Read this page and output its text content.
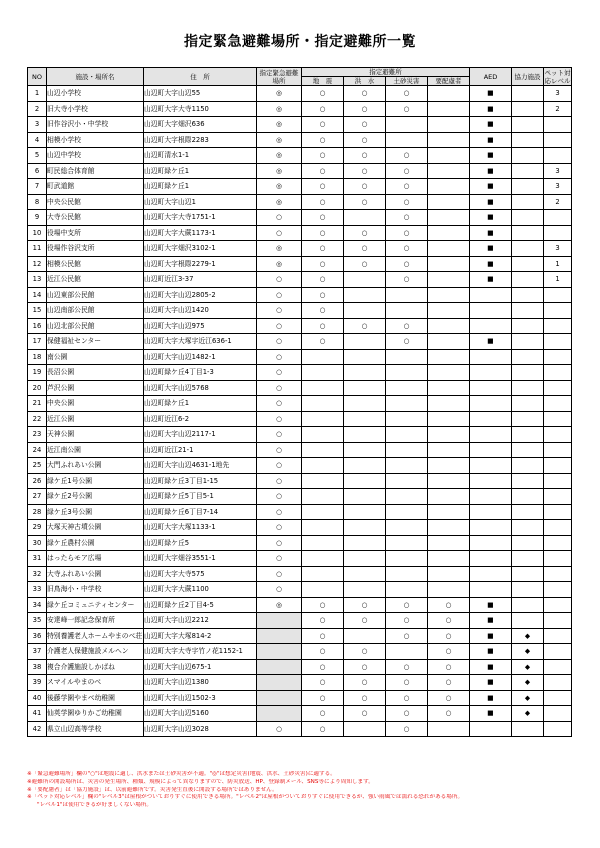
指定緊急避難場所・指定避難所一覧
NO	施設・場所名	住　所	指定緊急避難場所	指定避難所				AED	協力施設	ペット対応レベル
				地　震	洪　水	土砂災害	要配慮者			
1	山辺小学校	山辺町大字山辺55	◎	○	○	○		■		3
2	旧大寺小学校	山辺町大字大寺1150	◎	○	○	○		■		2
3	旧作谷沢小・中学校	山辺町大字畑沢636	◎	○	○			■		
4	相模小学校	山辺町大字根際2283	◎	○	○			■		
5	山辺中学校	山辺町清水1-1	◎	○	○	○		■		
6	町民総合体育館	山辺町緑ケ丘1	◎	○	○	○		■		3
7	町武道館	山辺町緑ケ丘1	◎	○	○	○		■		3
8	中央公民館	山辺町大字山辺1	◎	○	○	○		■		2
9	大寺公民館	山辺町大字大寺1751-1	○	○		○		■		
10	役場中支所	山辺町大字大蕨1173-1	○	○	○	○		■		
11	役場作谷沢支所	山辺町大字畑沢3102-1	◎	○	○	○		■		3
12	相模公民館	山辺町大字根際2279-1	◎	○	○	○		■		1
13	近江公民館	山辺町近江3-37	○	○		○		■		1
14	山辺東部公民館	山辺町大字山辺2805-2	○	○						
15	山辺南部公民館	山辺町大字山辺1420	○	○						
16	山辺北部公民館	山辺町大字山辺975	○	○	○	○				
17	保健福祉センター	山辺町大字大塚字近江636-1	○	○		○		■		
18	南公園	山辺町大字山辺1482-1	○							
19	長沼公園	山辺町緑ケ丘4丁目1-3	○							
20	芦沢公園	山辺町大字山辺5768	○							
21	中央公園	山辺町緑ケ丘1	○							
22	近江公園	山辺町近江6-2	○							
23	天神公園	山辺町大字山辺2117-1	○							
24	近江南公園	山辺町近江21-1	○							
25	大門ふれあい公園	山辺町大字山辺4631-1地先	○							
26	緑ケ丘1号公園	山辺町緑ケ丘3丁目1-15	○							
27	緑ケ丘2号公園	山辺町緑ケ丘5丁目5-1	○							
28	緑ケ丘3号公園	山辺町緑ケ丘6丁目7-14	○							
29	大塚天神古墳公園	山辺町大字大塚1133-1	○							
30	緑ケ丘農村公園	山辺町緑ケ丘5	○							
31	はったらモア広場	山辺町大字畑谷3551-1	○							
32	大寺ふれあい公園	山辺町大字大寺575	○							
33	旧鳥海小・中学校	山辺町大字大蕨1100	○							
34	緑ケ丘コミュニティセンター	山辺町緑ケ丘2丁目4-5	◎	○	○	○	○	■		
35	安達峰一郎記念保育所	山辺町大字山辺2212		○	○	○	○	■		
36	特別養護老人ホームやまのべ荘	山辺町大字大塚814-2		○		○	○	■	◆	
37	介護老人保健施設メルヘン	山辺町大字大寺字竹ノ花1152-1		○	○		○	■	◆	
38	複合介護施設しかばね	山辺町大字山辺675-1		○	○	○	○	■	◆	
39	スマイルやまのべ	山辺町大字山辺1380		○	○	○	○	■	◆	
40	後藤学園やまべ幼稚園	山辺町大字山辺1502-3		○	○	○	○	■	◆	
41	仙英学園ゆりかご幼稚園	山辺町大字山辺5160		○	○	○	○	■	◆	
42	県立山辺高等学校	山辺町大字山辺3028	○	○		○				
※「緊急避難場所」欄の"○"は地震に適し、洪水または土砂災害が不適。"◎"は想定災害(地震、洪水、土砂災害)に適する。
※避難所の開設場所は、災害の発生場所、種類、規模によって異なりますので、防災放送、HP、登録制メール、SNS等により周知します。
※「要配慮者」は「協力施設」は、以前避難所です。災害発生直後に開設する場所ではありません。
※「ペット対応レベル」欄の"レベル3"は屋根がついておりすぐに使用できる場所。"レベル2"は屋根がついておりすぐに使用できるが、強い雨風では濡れる恐れがある場所。
"レベル1"は使用できるが好ましくない場所。
